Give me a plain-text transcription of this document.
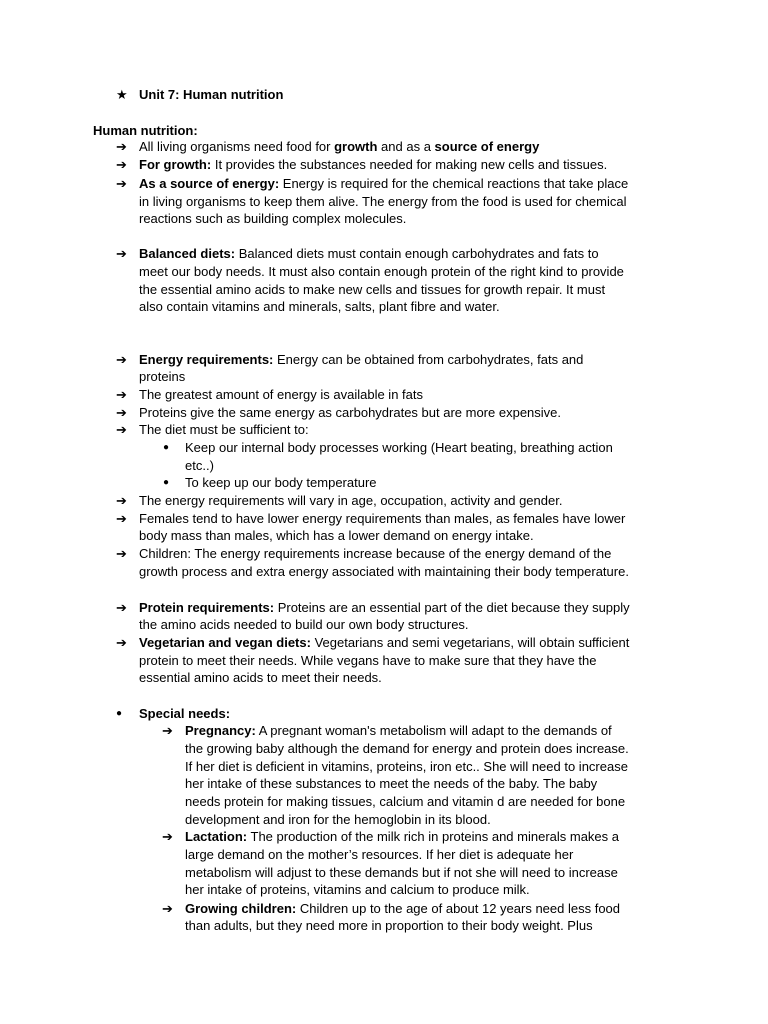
★ Unit 7: Human nutrition
Human nutrition:
➔ All living organisms need food for growth and as a source of energy
➔ For growth: It provides the substances needed for making new cells and tissues.
➔ As a source of energy: Energy is required for the chemical reactions that take place
in living organisms to keep them alive. The energy from the food is used for chemical
reactions such as building complex molecules.
➔ Balanced diets: Balanced diets must contain enough carbohydrates and fats to
meet our body needs. It must also contain enough protein of the right kind to provide
the essential amino acids to make new cells and tissues for growth repair. It must
also contain vitamins and minerals, salts, plant fibre and water.
➔ Energy requirements: Energy can be obtained from carbohydrates, fats and
proteins
➔ The greatest amount of energy is available in fats
➔ Proteins give the same energy as carbohydrates but are more expensive.
➔ The diet must be sufficient to:
● Keep our internal body processes working (Heart beating, breathing action
etc..)
● To keep up our body temperature
➔ The energy requirements will vary in age, occupation, activity and gender.
➔ Females tend to have lower energy requirements than males, as females have lower
body mass than males, which has a lower demand on energy intake.
➔ Children: The energy requirements increase because of the energy demand of the
growth process and extra energy associated with maintaining their body temperature.
➔ Protein requirements: Proteins are an essential part of the diet because they supply
the amino acids needed to build our own body structures.
➔ Vegetarian and vegan diets: Vegetarians and semi vegetarians, will obtain sufficient
protein to meet their needs. While vegans have to make sure that they have the
essential amino acids to meet their needs.
● Special needs:
➔ Pregnancy: A pregnant woman's metabolism will adapt to the demands of
the growing baby although the demand for energy and protein does increase.
If her diet is deficient in vitamins, proteins, iron etc.. She will need to increase
her intake of these substances to meet the needs of the baby. The baby
needs protein for making tissues, calcium and vitamin d are needed for bone
development and iron for the hemoglobin in its blood.
➔ Lactation: The production of the milk rich in proteins and minerals makes a
large demand on the mother’s resources. If her diet is adequate her
metabolism will adjust to these demands but if not she will need to increase
her intake of proteins, vitamins and calcium to produce milk.
➔ Growing children: Children up to the age of about 12 years need less food
than adults, but they need more in proportion to their body weight. Plus
